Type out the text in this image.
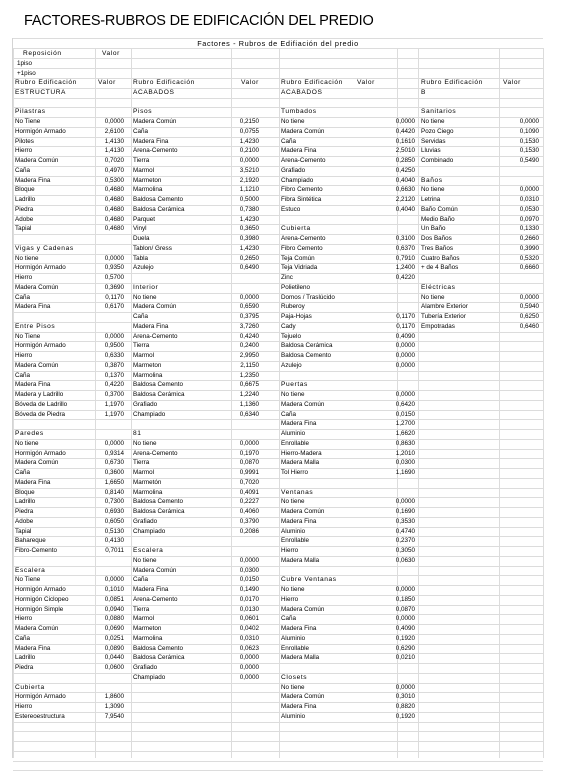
FACTORES-RUBROS DE EDIFICACIÓN DEL PREDIO
Factores - Rubros de Edifiación del predio
Reposición	Valor
1piso
+1piso
Rubro Edificación	Valor
ESTRUCTURA
Rubro Edificación	Valor
ACABADOS
Rubro Edificación Valor
ACABADOS
Rubro Edificación	Valor
B
Pilastras
No Tiene	0,0000
Hormigón Armado	2,6100
Pilotes	1,4130
Hierro	1,4130
Madera Común	0,7020
Caña	0,4970
Madera Fina	0,5300
Bloque	0,4680
Ladrillo	0,4680
Piedra	0,4680
Adobe	0,4680
Tapial	0,4680
Vigas y Cadenas
No tiene	0,0000
Hormigón Armado	0,9350
Hierro	0,5700
Madera Común	0,3690
Caña	0,1170
Madera Fina	0,6170
Entre Pisos
No Tiene	0,0000
Hormigón Armado	0,9500
Hierro	0,6330
Madera Común	0,3870
Caña	0,1370
Madera Fina	0,4220
Madera y Ladrillo	0,3700
Bóveda de Ladrillo	1,1970
Bóveda de Piedra	1,1970
Paredes
No tiene	0,0000
Hormigón Armado	0,9314
Madera Común	0,6730
Caña	0,3600
Madera Fina	1,6650
Bloque	0,8140
Ladrillo	0,7300
Piedra	0,6930
Adobe	0,6050
Tapial	0,5130
Bahareque	0,4130
Fibro-Cemento	0,7011
Escalera
No Tiene	0,0000
Hormigón Armado	0,1010
Hormigón Ciclopeo	0,0851
Hormigón Simple	0,0940
Hierro	0,0880
Madera Común	0,0690
Caña	0,0251
Madera Fina	0,0890
Ladrillo	0,0440
Piedra	0,0600
Cubierta
Hormigón Armado	1,8600
Hierro	1,3090
Estereoestructura	7,9540
Pisos
Madera Común	0,2150
Caña	0,0755
Madera Fina	1,4230
Arena-Cemento	0,2100
Tierra	0,0000
Marmol	3,5210
Marmeton	2,1920
Marmolina	1,1210
Baldosa Cemento	0,5000
Baldosa Cerámica	0,7380
Parquet	1,4230
Vinyl	0,3650
Duela	0,3980
Tablon/ Gress	1,4230
Tabla	0,2650
Azulejo	0,6490
Interior
No tiene	0,0000
Madera Común	0,6590
Caña	0,3795
Madera Fina	3,7260
Arena-Cemento	0,4240
Tierra	0,2400
Marmol	2,9950
Marmeton	2,1150
Marmolina	1,2350
Baldosa Cemento	0,6675
Baldosa Cerámica	1,2240
Grafiado	1,1360
Champiado	0,6340
81
No tiene	0,0000
Arena-Cemento	0,1970
Tierra	0,0870
Marmol	0,9991
Marmetón	0,7020
Marmolina	0,4091
Baldosa Cemento	0,2227
Baldosa Cerámica	0,4060
Grafiado	0,3790
Champiado	0,2086
Escalera
No tiene	0,0000
Madera Común	0,0300
Caña	0,0150
Madera Fina	0,1490
Arena-Cemento	0,0170
Tierra	0,0130
Marmol	0,0601
Marmeton	0,0402
Marmolina	0,0310
Baldosa Cemento	0,0623
Baldosa Cerámica	0,0000
Grafiado	0,0000
Champiado	0,0000
Tumbados
No tiene	0,0000
Madera Común	0,4420
Caña	0,1610
Madera Fina	2,5010
Arena-Cemento	0,2850
Grafiado	0,4250
Champiado	0,4040
Fibro Cemento	0,6630
Fibra Sintética	2,2120
Estuco	0,4040
Cubierta
Arena-Cemento	0,3100
Fibro Cemento	0,6370
Teja Común	0,7910
Teja Vidriada	1,2400
Zinc	0,4220
Polietileno
Domos / Traslúcido
Ruberoy
Paja-Hojas	0,1170
Cady	0,1170
Tejuelo	0,4090
Baldosa Cerámica	0,0000
Baldosa Cemento	0,0000
Azulejo	0,0000
Puertas
No tiene	0,0000
Madera Común	0,6420
Caña	0,0150
Madera Fina	1,2700
Aluminio	1,6620
Enrollable	0,8630
Hierro-Madera	1,2010
Madera Malla	0,0300
Tol Hierro	1,1690
Ventanas
No tiene	0,0000
Madera Común	0,1690
Madera Fina	0,3530
Aluminio	0,4740
Enrollable	0,2370
Hierro	0,3050
Madera Malla	0,0630
Cubre Ventanas
No tiene	0,0000
Hierro	0,1850
Madera Común	0,0870
Caña	0,0000
Madera Fina	0,4090
Aluminio	0,1920
Enrollable	0,6290
Madera Malla	0,0210
Closets
No tiene	0,0000
Madera Común	0,3010
Madera Fina	0,8820
Aluminio	0,1920
Sanitarios
No tiene	0,0000
Pozo Ciego	0,1090
Servidas	0,1530
Lluvias	0,1530
Combinado	0,5490
Baños
No tiene	0,0000
Letrina	0,0310
Baño Común	0,0530
Medio Baño	0,0970
Un Baño	0,1330
Dos Baños	0,2660
Tres Baños	0,3990
Cuatro Baños	0,5320
+ de 4 Baños	0,6660
Eléctricas
No tiene	0,0000
Alambre Exterior	0,5940
Tubería Exterior	0,6250
Empotradas	0,6460
